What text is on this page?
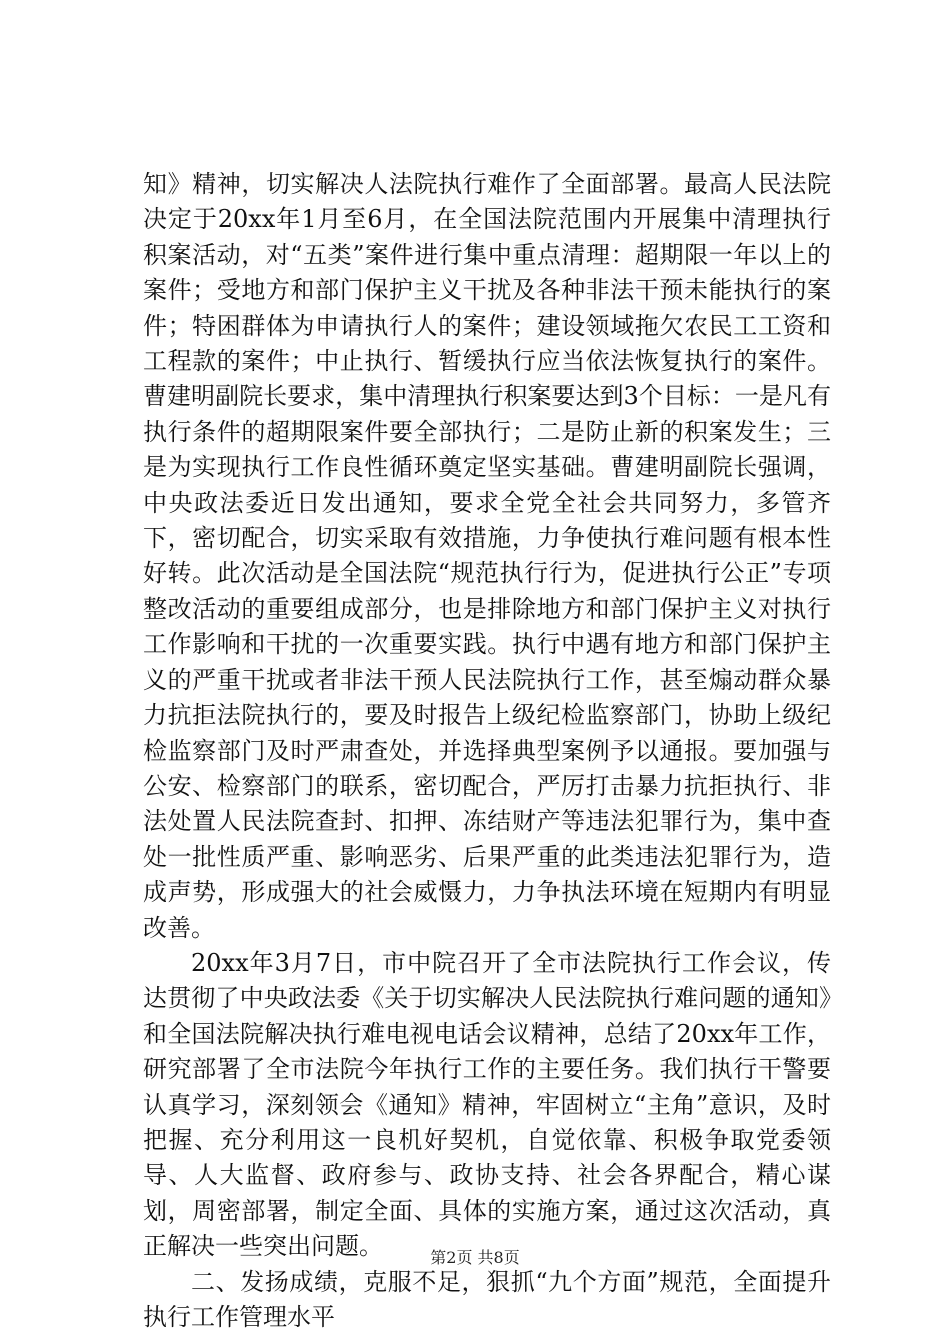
知》精神，切实解决人法院执行难作了全面部署。最高人民法院决定于20xx年1月至6月，在全国法院范围内开展集中清理执行积案活动，对“五类”案件进行集中重点清理：超期限一年以上的案件；受地方和部门保护主义干扰及各种非法干预未能执行的案件；特困群体为申请执行人的案件；建设领域拖欠农民工工资和工程款的案件；中止执行、暂缓执行应当依法恢复执行的案件。曹建明副院长要求，集中清理执行积案要达到3个目标：一是凡有执行条件的超期限案件要全部执行；二是防止新的积案发生；三是为实现执行工作良性循环奠定坚实基础。曹建明副院长强调，中央政法委近日发出通知，要求全党全社会共同努力，多管齐下，密切配合，切实采取有效措施，力争使执行难问题有根本性好转。此次活动是全国法院“规范执行行为，促进执行公正”专项整改活动的重要组成部分，也是排除地方和部门保护主义对执行工作影响和干扰的一次重要实践。执行中遇有地方和部门保护主义的严重干扰或者非法干预人民法院执行工作，甚至煽动群众暴力抗拒法院执行的，要及时报告上级纪检监察部门，协助上级纪检监察部门及时严肃查处，并选择典型案例予以通报。要加强与公安、检察部门的联系，密切配合，严厉打击暴力抗拒执行、非法处置人民法院查封、扣押、冻结财产等违法犯罪行为，集中查处一批性质严重、影响恶劣、后果严重的此类违法犯罪行为，造成声势，形成强大的社会威慑力，力争执法环境在短期内有明显改善。

20xx年3月7日，市中院召开了全市法院执行工作会议，传达贯彻了中央政法委《关于切实解决人民法院执行难问题的通知》和全国法院解决执行难电视电话会议精神，总结了20xx年工作，研究部署了全市法院今年执行工作的主要任务。我们执行干警要认真学习，深刻领会《通知》精神，牢固树立“主角”意识，及时把握、充分利用这一良机好契机，自觉依靠、积极争取党委领导、人大监督、政府参与、政协支持、社会各界配合，精心谋划，周密部署，制定全面、具体的实施方案，通过这次活动，真正解决一些突出问题。

二、发扬成绩，克服不足，狠抓“九个方面”规范，全面提升执行工作管理水平

第2页 共8页
